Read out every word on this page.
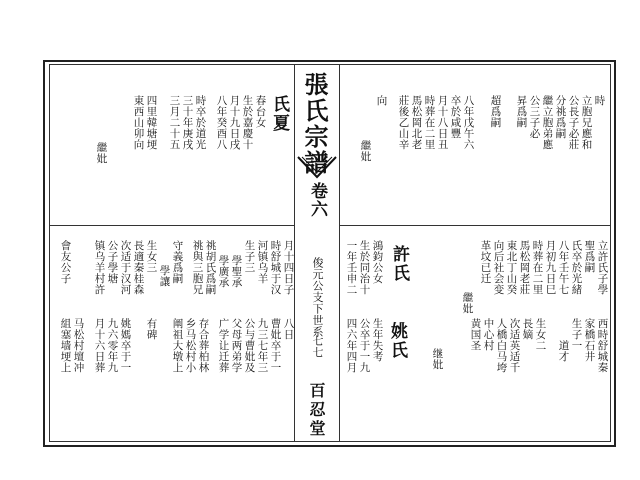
張氏宗譜
卷六
俊元公支下世系
七七
百忍堂
時
立胞兄應和
公長子必莊
分祧爲嗣
繼立胞弟應
公三子必
昇爲嗣
超爲嗣
八年戊午六
卒於咸豐
月十八日丑
時葬在二里
馬松岡北老
莊後乙山辛
向
繼妣
立許氏子學
聖爲嗣
氏卒於光緒
八年壬午七
月初九日巳
時葬在二里
馬松岡老莊
東北丁山癸
向后社会变
革坟已迁
繼妣
許氏
鴻鈞公女
生於同治十
一年壬申二
西時舒城秦
家橋石井
生子一
道才
生女二
長嫡
次适英适千
人橋白马垮
中心村
黄国圣
继妣
姚氏
生年失考
公卒于一九
四六年四月
氏夏
春台女
生於嘉慶十
月十九日戌
八年癸酉八
時卒於道光
三十年庚戌
三月二十五
四里韓塘埂
東西山卯向
繼妣
月十四日子
時舒城于汉
河镇乌羊
生子三
學聖承
學廣承
祧胡氏爲嗣
祧與三胞兄
守義爲嗣
學讓
生女三
長適秦桂森
次适于汉河
公子學塘
镇乌羊村許
會友公子
八日
曹妣卒于一
九三七年三
公与曹妣及
父母两弟学
广学让迁葬
存合葬柏林
乡马松村小
阐祖大墩上
有碑
姚媽卒于一
九六零年九
月十六日葬
马松村壇冲
組塞墙埂上
